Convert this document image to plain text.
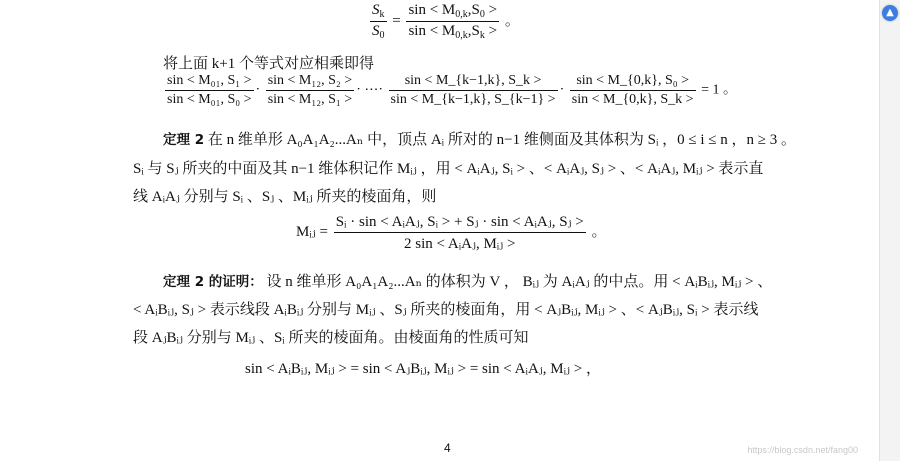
$\frac{S_k}{S_0} = \frac{\sin < M_{0,k},S_0 >}{\sin < M_{0,k},S_k >}$ 。
将上面 k+1 个等式对应相乘即得
$\frac{\text{sin < M₀₁, S₁ >}}{\text{sin < M₀₁, S₀ >}} \cdot \frac{\text{sin < M₁₂, S₂ >}}{\text{sin < M₁₂, S₁ >}}$ · ⋯· $\frac{\sin < M\_\{k-1,k\}, S\_k >}{\sin < M\_\{k-1,k\}, S\_\{k-1\} >} \cdot \frac{\text{sin < M\_\{0,k\}, S₀ >}}{\sin < M\_\{0,k\}, S\_k >} = 1$ 。
定理 2 在 n 维单形 A₀A₁A₂...Aₙ 中，顶点 Aᵢ 所对的 n−1 维侧面及其体积为 Sᵢ ，0 ≤ i ≤ n ，n ≥ 3 。
Sᵢ 与 Sⱼ 所夹的中面及其 n−1 维体积记作 Mᵢⱼ ，用 < AᵢAⱼ, Sᵢ > 、< AᵢAⱼ, Sⱼ > 、< AᵢAⱼ, Mᵢⱼ > 表示直
线 AᵢAⱼ 分别与 Sᵢ 、Sⱼ 、Mᵢⱼ 所夹的棱面角，则
Mᵢⱼ = $\frac{\text{Sᵢ · sin < AᵢAⱼ, Sᵢ > + Sⱼ · sin < AᵢAⱼ, Sⱼ >}}{\text{2 sin < AᵢAⱼ, Mᵢⱼ >}}$ 。
定理 2 的证明： 设 n 维单形 A₀A₁A₂...Aₙ 的体积为 V ， Bᵢⱼ 为 AᵢAⱼ 的中点。用 < AᵢBᵢⱼ, Mᵢⱼ > 、
< AᵢBᵢⱼ, Sⱼ > 表示线段 AᵢBᵢⱼ 分别与 Mᵢⱼ 、Sⱼ 所夹的棱面角，用 < AⱼBᵢⱼ, Mᵢⱼ > 、< AⱼBᵢⱼ, Sᵢ > 表示线
段 AⱼBᵢⱼ 分别与 Mᵢⱼ 、Sᵢ 所夹的棱面角。由棱面角的性质可知
sin < AᵢBᵢⱼ, Mᵢⱼ > = sin < AⱼBᵢⱼ, Mᵢⱼ > = sin < AᵢAⱼ, Mᵢⱼ > ，
4	https://blog.csdn.net/fang00
▲
